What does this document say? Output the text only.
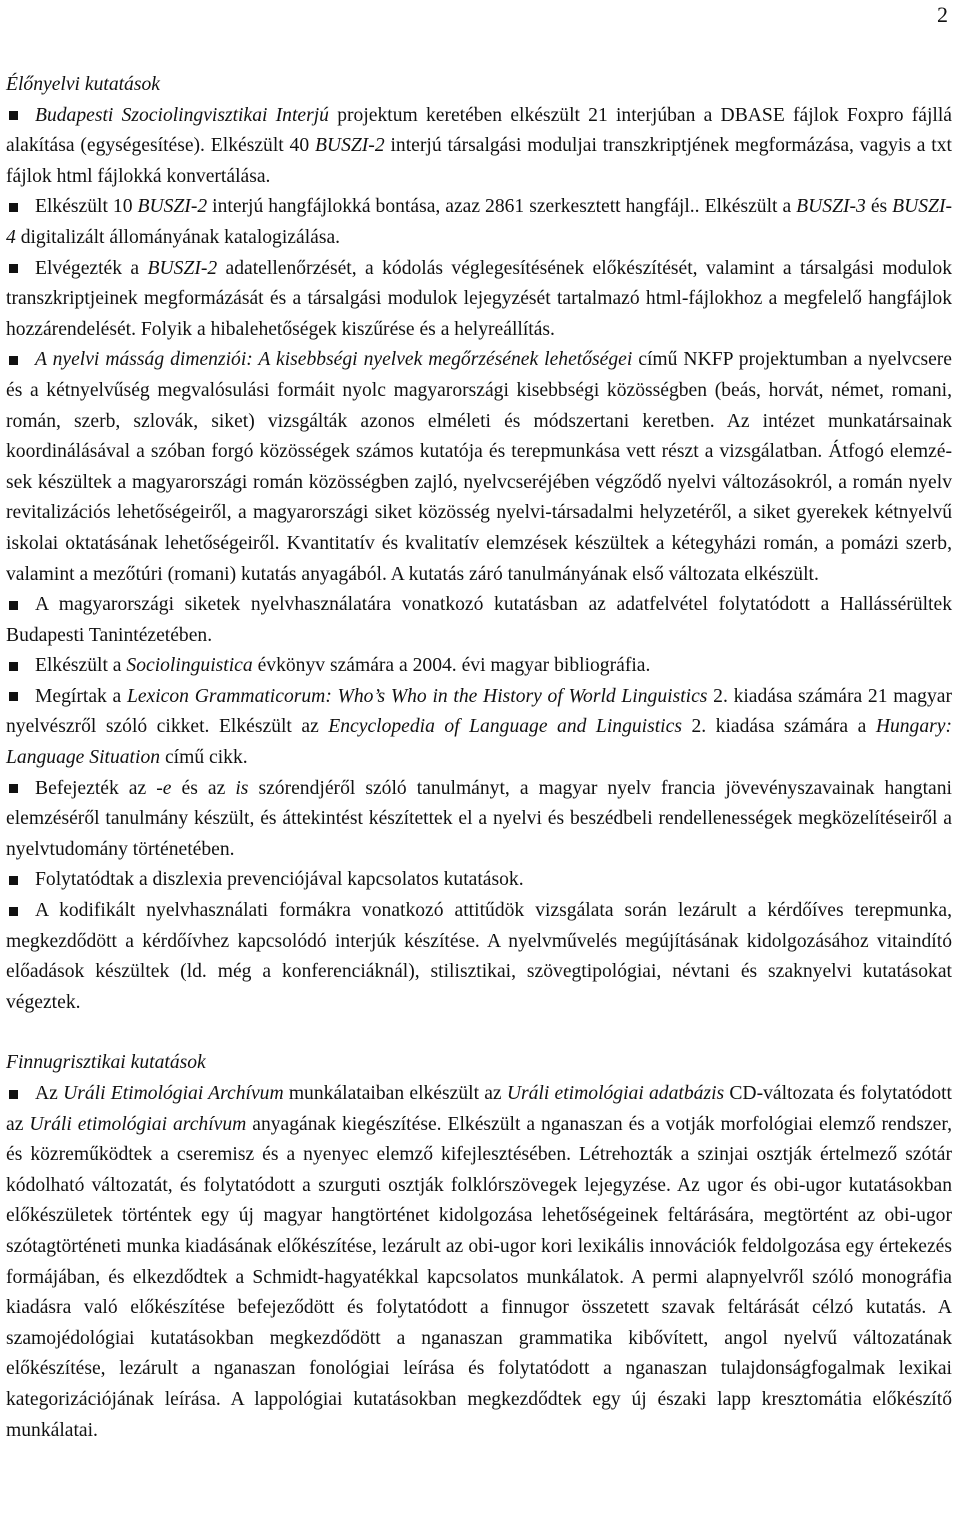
2

Élőnyelvi kutatások

Budapesti Szociolingvisztikai Interjú projektum keretében elkészült 21 interjúban a DBASE fájlok Foxpro fájllá alakítása (egységesítése). Elkészült 40 BUSZI-2 interjú társalgási moduljai transzkriptjének megformázása, vagyis a txt fájlok html fájlokká konvertálása.

Elkészült 10 BUSZI-2 interjú hangfájlokká bontása, azaz 2861 szerkesztett hangfájl.. Elkészült a BUSZI-3 és BUSZI-4 digitalizált állományának katalogizálása.

Elvégezték a BUSZI-2 adatellenőrzését, a kódolás véglegesítésének előkészítését, valamint a társalgási modulok transzkriptjeinek megformázását és a társalgási modulok lejegyzését tartalmazó html-fájlokhoz a megfelelő hangfájlok hozzárendelését. Folyik a hibalehetőségek kiszűrése és a helyreállítás.

A nyelvi másság dimenziói: A kisebbségi nyelvek megőrzésének lehetőségei című NKFP projektumban a nyelvcsere és a kétnyelvűség megvalósulási formáit nyolc magyarországi kisebbségi közösségben (beás, horvát, német, romani, román, szerb, szlovák, siket) vizsgálták azonos elméleti és módszertani keretben. Az intézet munkatársainak koordinálásával a szóban forgó közösségek számos kutatója és terepmunkása vett részt a vizsgálatban. Átfogó elemzések készültek a magyarországi román közösségben zajló, nyelvcseréjében végződő nyelvi változásokról, a román nyelv revitalizációs lehetőségeiről, a magyarországi siket közösség nyelvi-társadalmi helyzetéről, a siket gyerekek kétnyelvű iskolai oktatásának lehetőségeiről. Kvantitatív és kvalitatív elemzések készültek a kétegyházi román, a pomázi szerb, valamint a mezőtúri (romani) kutatás anyagából. A kutatás záró tanulmányának első változata elkészült.

A magyarországi siketek nyelvhasználatára vonatkozó kutatásban az adatfelvétel folytatódott a Hallássérültek Budapesti Tanintézetében.

Elkészült a Sociolinguistica évkönyv számára a 2004. évi magyar bibliográfia.

Megírtak a Lexicon Grammaticorum: Who’s Who in the History of World Linguistics 2. kiadása számára 21 magyar nyelvészről szóló cikket. Elkészült az Encyclopedia of Language and Linguistics 2. kiadása számára a Hungary: Language Situation című cikk.

Befejezték az -e és az is szórendjéről szóló tanulmányt, a magyar nyelv francia jövevényszavainak hangtani elemzéséről tanulmány készült, és áttekintést készítettek el a nyelvi és beszédbeli rendellenességek megközelítéseiről a nyelvtudomány történetében.

Folytatódtak a diszlexia prevenciójával kapcsolatos kutatások.

A kodifikált nyelvhasználati formákra vonatkozó attitűdök vizsgálata során lezárult a kérdőíves terepmunka, megkezdődött a kérdőívhez kapcsolódó interjúk készítése. A nyelvművelés megújításának kidolgozásához vitaindító előadások készültek (ld. még a konferenciáknál), stilisztikai, szövegtipológiai, névtani és szaknyelvi kutatásokat végeztek.

Finnugrisztikai kutatások

Az Uráli Etimológiai Archívum munkálataiban elkészült az Uráli etimológiai adatbázis CD-változata és folytatódott az Uráli etimológiai archívum anyagának kiegészítése. Elkészült a nganaszan és a votják morfológiai elemző rendszer, és közreműködtek a cseremisz és a nyenyec elemző kifejlesztésében. Létrehozták a szinjai osztják értelmező szótár kódolható változatát, és folytatódott a szurguti osztják folklórszövegek lejegyzése. Az ugor és obi-ugor kutatásokban előkészületek történtek egy új magyar hangtörténet kidolgozása lehetőségeinek feltárására, megtörtént az obi-ugor szótagtörténeti munka kiadásának előkészítése, lezárult az obi-ugor kori lexikális innovációk feldolgozása egy értekezés formájában, és elkezdődtek a Schmidt-hagyatékkal kapcsolatos munkálatok. A permi alapnyelvről szóló monográfia kiadásra való előkészítése befejeződött és folytatódott a finnugor összetett szavak feltárását célzó kutatás. A szamojédológiai kutatásokban megkezdődött a nganaszan grammatika kibővített, angol nyelvű változatának előkészítése, lezárult a nganaszan fonológiai leírása és folytatódott a nganaszan tulajdonságfogalmak lexikai kategorizációjának leírása. A lappológiai kutatásokban megkezdődtek egy új északi lapp kresztomátia előkészítő munkálatai.
